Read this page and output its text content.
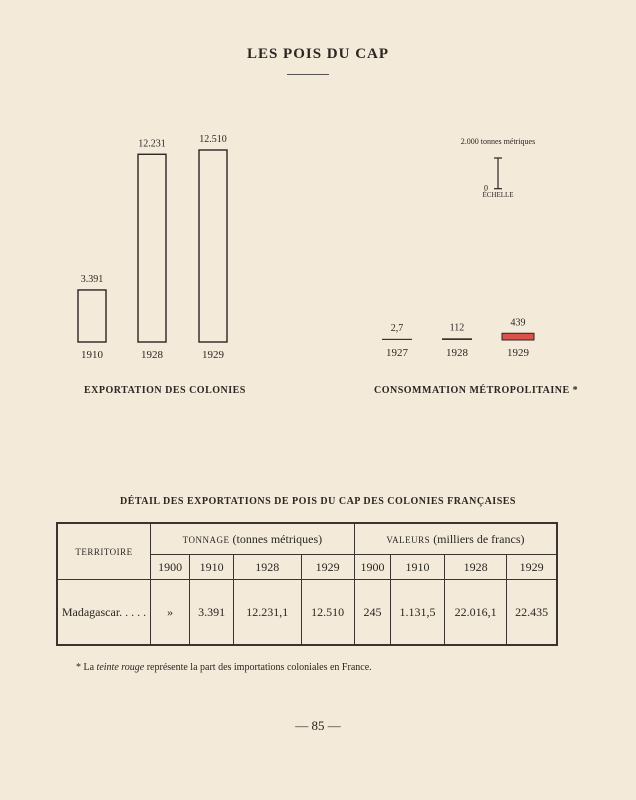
LES POIS DU CAP
3.391
1910
12.231
1928
12.510
1929
2,7
1927
112
1928
439
1929
2.000 tonnes métriques
0
ÉCHELLE
EXPORTATION DES COLONIES	CONSOMMATION MÉTROPOLITAINE *
DÉTAIL DES EXPORTATIONS DE POIS DU CAP DES COLONIES FRANÇAISES
TERRITOIRE	TONNAGE (tonnes métriques)				VALEURS (milliers de francs)			
	1900	1910	1928	1929	1900	1910	1928	1929
Madagascar. . . . .	»	3.391	12.231,1	12.510	245	1.131,5	22.016,1	22.435
* La teinte rouge représente la part des importations coloniales en France.
— 85 —
